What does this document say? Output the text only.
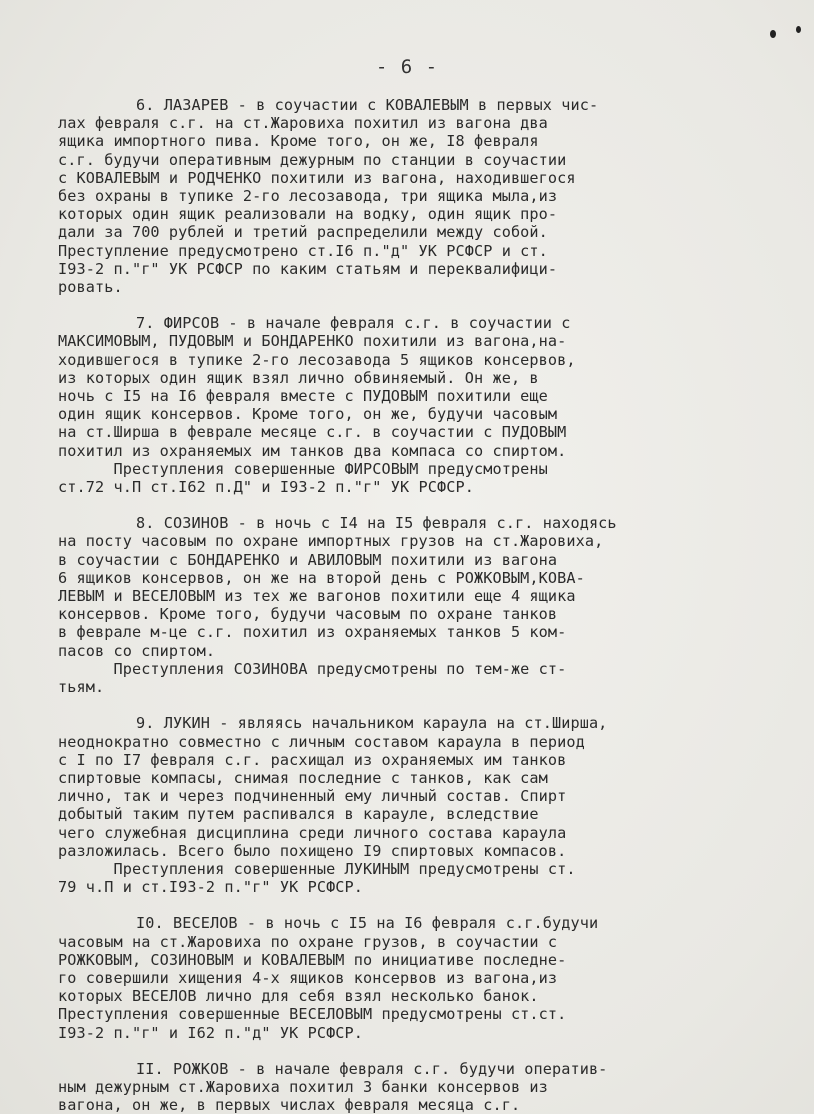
- 6 -
6. ЛАЗАРЕВ - в соучастии с КОВАЛЕВЫМ в первых чис-
лах февраля с.г. на ст.Жаровиха похитил из вагона два
ящика импортного пива. Кроме того, он же, I8 февраля
с.г. будучи оперативным дежурным по станции в соучастии
с КОВАЛЕВЫМ и РОДЧЕНКО похитили из вагона, находившегося
без охраны в тупике 2-го лесозавода, три ящика мыла,из
которых один ящик реализовали на водку, один ящик про-
дали за 700 рублей и третий распределили между собой.
Преступление предусмотрено ст.I6 п."д" УК РСФСР и ст.
I93-2 п."г" УК РСФСР по каким статьям и переквалифици-
ровать.
7. ФИРСОВ - в начале февраля с.г. в соучастии с
МАКСИМОВЫМ, ПУДОВЫМ и БОНДАРЕНКО похитили из вагона,на-
ходившегося в тупике 2-го лесозавода 5 ящиков консервов,
из которых один ящик взял лично обвиняемый. Он же, в
ночь с I5 на I6 февраля вместе с ПУДОВЫМ похитили еще
один ящик консервов. Кроме того, он же, будучи часовым
на ст.Ширша в феврале месяце с.г. в соучастии с ПУДОВЫМ
похитил из охраняемых им танков два компаса со спиртом.
Преступления совершенные ФИРСОВЫМ предусмотрены
ст.72 ч.П ст.I62 п.Д" и I93-2 п."г" УК РСФСР.
8. СОЗИНОВ - в ночь с I4 на I5 февраля с.г. находясь
на посту часовым по охране импортных грузов на ст.Жаровиха,
в соучастии с БОНДАРЕНКО и АВИЛОВЫМ похитили из вагона
6 ящиков консервов, он же на второй день с РОЖКОВЫМ,КОВА-
ЛЕВЫМ и ВЕСЕЛОВЫМ из тех же вагонов похитили еще 4 ящика
консервов. Кроме того, будучи часовым по охране танков
в феврале м-це с.г. похитил из охраняемых танков 5 ком-
пасов со спиртом.
Преступления СОЗИНОВА предусмотрены по тем-же ст-
тьям.
9. ЛУКИН - являясь начальником караула на ст.Ширша,
неоднократно совместно с личным составом караула в период
с I по I7 февраля с.г. расхищал из охраняемых им танков
спиртовые компасы, снимая последние с танков, как сам
лично, так и через подчиненный ему личный состав. Спирт
добытый таким путем распивался в карауле, вследствие
чего служебная дисциплина среди личного состава караула
разложилась. Всего было похищено I9 спиртовых компасов.
Преступления совершенные ЛУКИНЫМ предусмотрены ст.
79 ч.П и ст.I93-2 п."г" УК РСФСР.
I0. ВЕСЕЛОВ - в ночь с I5 на I6 февраля с.г.будучи
часовым на ст.Жаровиха по охране грузов, в соучастии с
РОЖКОВЫМ, СОЗИНОВЫМ и КОВАЛЕВЫМ по инициативе последне-
го совершили хищения 4-х ящиков консервов из вагона,из
которых ВЕСЕЛОВ лично для себя взял несколько банок.
Преступления совершенные ВЕСЕЛОВЫМ предусмотрены ст.ст.
I93-2 п."г" и I62 п."д" УК РСФСР.
II. РОЖКОВ - в начале февраля с.г. будучи оператив-
ным дежурным ст.Жаровиха похитил 3 банки консервов из
вагона, он же, в первых числах февраля месяца с.г.
